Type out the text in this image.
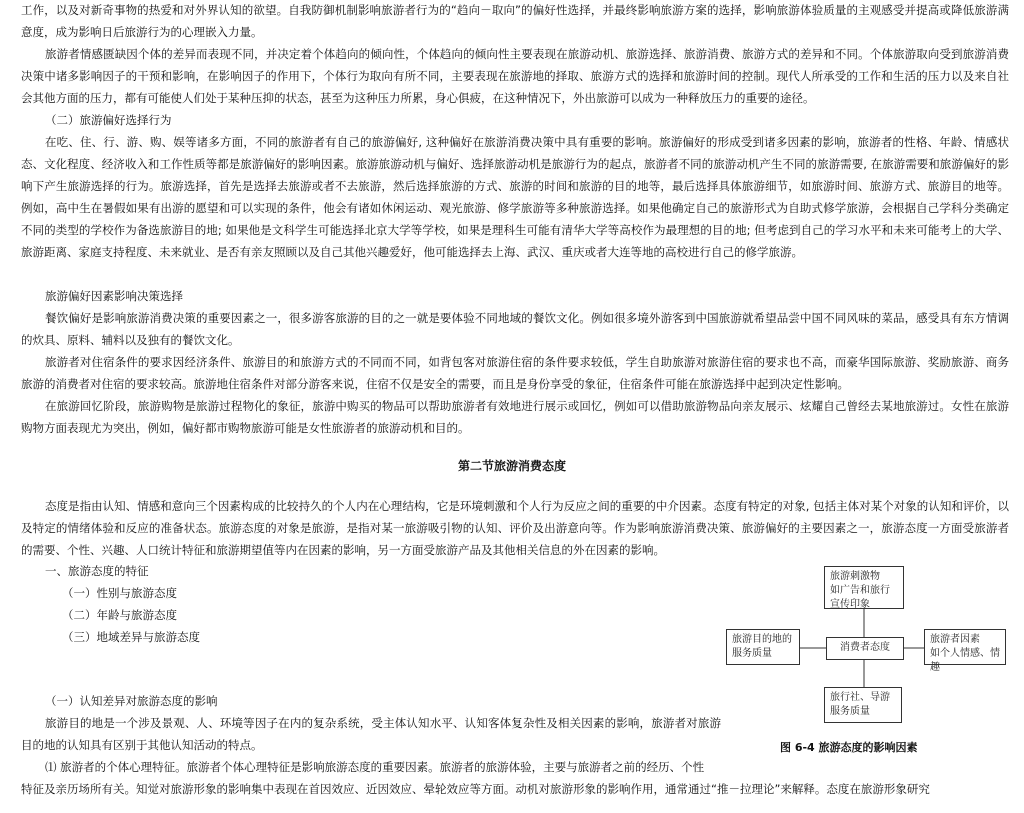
工作，以及对新奇事物的热爱和对外界认知的欲望。自我防御机制影响旅游者行为的“趋向－取向”的偏好性选择，并最终影响旅游方案的选择，影响旅游体验质量的主观感受并提高或降低旅游满意度，成为影响日后旅游行为的心理嵌入力量。

旅游者情感匮缺因个体的差异而表现不同，并决定着个体趋向的倾向性，个体趋向的倾向性主要表现在旅游动机、旅游选择、旅游消费、旅游方式的差异和不同。个体旅游取向受到旅游消费决策中诸多影响因子的干预和影响，在影响因子的作用下，个体行为取向有所不同，主要表现在旅游地的择取、旅游方式的选择和旅游时间的控制。现代人所承受的工作和生活的压力以及来自社会其他方面的压力，都有可能使人们处于某种压抑的状态，甚至为这种压力所累，身心俱疲，在这种情况下，外出旅游可以成为一种释放压力的重要的途径。

（二）旅游偏好选择行为

在吃、住、行、游、购、娱等诸多方面，不同的旅游者有自己的旅游偏好, 这种偏好在旅游消费决策中具有重要的影响。旅游偏好的形成受到诸多因素的影响，旅游者的性格、年龄、情感状态、文化程度、经济收入和工作性质等都是旅游偏好的影响因素。旅游旅游动机与偏好、选择旅游动机是旅游行为的起点，旅游者不同的旅游动机产生不同的旅游需要, 在旅游需要和旅游偏好的影响下产生旅游选择的行为。旅游选择，首先是选择去旅游或者不去旅游，然后选择旅游的方式、旅游的时间和旅游的目的地等，最后选择具体旅游细节，如旅游时间、旅游方式、旅游目的地等。例如，高中生在暑假如果有出游的愿望和可以实现的条件，他会有诸如休闲运动、观光旅游、修学旅游等多种旅游选择。如果他确定自己的旅游形式为自助式修学旅游，会根据自己学科分类确定不同的类型的学校作为备选旅游目的地; 如果他是文科学生可能选择北京大学等学校，如果是理科生可能有清华大学等高校作为最理想的目的地; 但考虑到自己的学习水平和未来可能考上的大学、旅游距离、家庭支持程度、未来就业、是否有亲友照顾以及自己其他兴趣爱好，他可能选择去上海、武汉、重庆或者大连等地的高校进行自己的修学旅游。

旅游偏好因素影响决策选择

餐饮偏好是影响旅游消费决策的重要因素之一，很多游客旅游的目的之一就是要体验不同地域的餐饮文化。例如很多境外游客到中国旅游就希望品尝中国不同风味的菜品，感受具有东方情调的炊具、原料、辅料以及独有的餐饮文化。

旅游者对住宿条件的要求因经济条件、旅游目的和旅游方式的不同而不同，如背包客对旅游住宿的条件要求较低，学生自助旅游对旅游住宿的要求也不高，而豪华国际旅游、奖励旅游、商务旅游的消费者对住宿的要求较高。旅游地住宿条件对部分游客来说，住宿不仅是安全的需要，而且是身份享受的象征，住宿条件可能在旅游选择中起到决定性影响。

在旅游回忆阶段，旅游购物是旅游过程物化的象征，旅游中购买的物品可以帮助旅游者有效地进行展示或回忆，例如可以借助旅游物品向亲友展示、炫耀自己曾经去某地旅游过。女性在旅游购物方面表现尤为突出，例如，偏好都市购物旅游可能是女性旅游者的旅游动机和目的。

第二节旅游消费态度

态度是指由认知、情感和意向三个因素构成的比较持久的个人内在心理结构，它是环境刺激和个人行为反应之间的重要的中介因素。态度有特定的对象, 包括主体对某个对象的认知和评价，以及特定的情绪体验和反应的准备状态。旅游态度的对象是旅游，是指对某一旅游吸引物的认知、评价及出游意向等。作为影响旅游消费决策、旅游偏好的主要因素之一，旅游态度一方面受旅游者的需要、个性、兴趣、人口统计特征和旅游期望值等内在因素的影响，另一方面受旅游产品及其他相关信息的外在因素的影响。

一、旅游态度的特征

（一）性别与旅游态度

（二）年龄与旅游态度

（三）地域差异与旅游态度

（一）认知差异对旅游态度的影响

旅游目的地是一个涉及景观、人、环境等因子在内的复杂系统，受主体认知水平、认知客体复杂性及相关因素的影响，旅游者对旅游目的地的认知具有区别于其他认知活动的特点。

⑴ 旅游者的个体心理特征。旅游者个体心理特征是影响旅游态度的重要因素。旅游者的旅游体验，主要与旅游者之前的经历、个性

特征及亲历场所有关。知觉对旅游形象的影响集中表现在首因效应、近因效应、晕轮效应等方面。动机对旅游形象的影响作用，通常通过“推－拉理论”来解释。态度在旅游形象研究

旅游刺激物
如广告和旅行宣传印象
旅游目的地的
服务质量
消费者态度
旅游者因素
如个人情感、情趣
旅行社、导游
服务质量
图 6-4 旅游态度的影响因素
